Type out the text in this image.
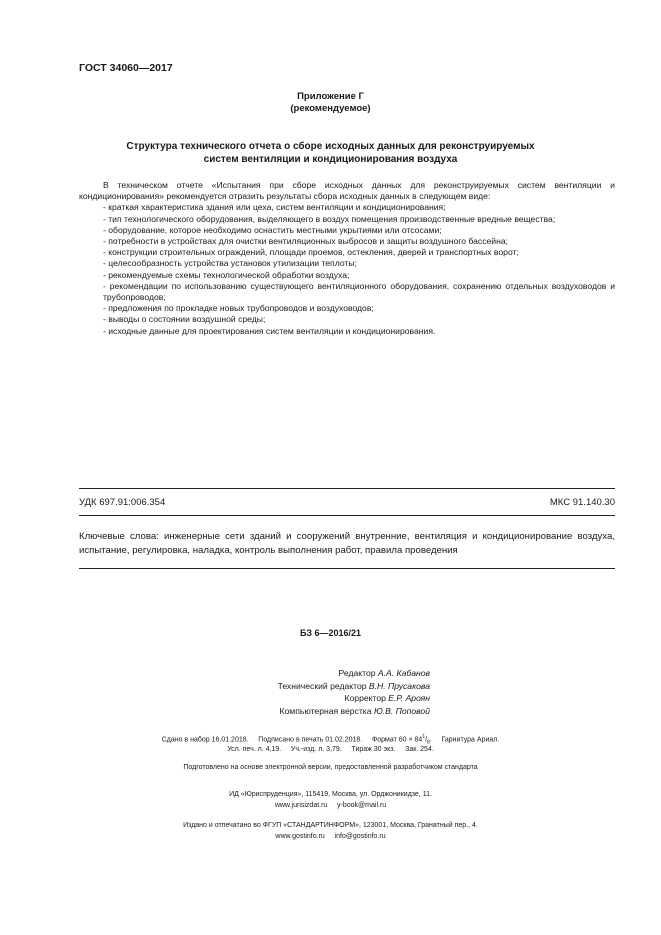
ГОСТ 34060—2017
Приложение Г
(рекомендуемое)
Структура технического отчета о сборе исходных данных для реконструируемых
систем вентиляции и кондиционирования воздуха

В техническом отчете «Испытания при сборе исходных данных для реконструируемых систем вентиляции и кондиционирования» рекомендуется отразить результаты сбора исходных данных в следующем виде:

- краткая характеристика здания или цеха, систем вентиляции и кондиционирования;

- тип технологического оборудования, выделяющего в воздух помещения производственные вредные вещества;

- оборудование, которое необходимо оснастить местными укрытиями или отсосами;

- потребности в устройствах для очистки вентиляционных выбросов и защиты воздушного бассейна;

- конструкции строительных ограждений, площади проемов, остекления, дверей и транспортных ворот;

- целесообразность устройства установок утилизации теплоты;

- рекомендуемые схемы технологической обработки воздуха;

- рекомендации по использованию существующего вентиляционного оборудования, сохранению отдельных воздуховодов и трубопроводов;

- предложения по прокладке новых трубопроводов и воздуховодов;

- выводы о состоянии воздушной среды;

- исходные данные для проектирования систем вентиляции и кондиционирования.

УДК 697.91:006.354	МКС 91.140.30
Ключевые слова: инженерные сети зданий и сооружений внутренние, вентиляция и кондиционирование воздуха, испытание, регулировка, наладка, контроль выполнения работ, правила проведения
БЗ 6—2016/21
Редактор А.А. Кабанов
Технический редактор В.Н. Прусакова
Корректор Е.Р. Ароян
Компьютерная верстка Ю.В. Поповой
Сдано в набор 16.01.2018.     Подписано в печать 01.02.2018.     Формат $60 \times 84^1/_8$.     Гарнитура Ариал.
Усл. печ. л. 4,19.     Уч.-изд. л. 3,79.     Тираж 30 экз.     Зак. 254.
Подготовлено на основе электронной версии, предоставленной разработчиком стандарта
ИД «Юриспруденция», 115419, Москва, ул. Орджоникидзе, 11.
www.jurisizdat.ru     y-book@mail.ru
Издано и отпечатано во ФГУП «СТАНДАРТИНФОРМ», 123001, Москва, Гранатный пер., 4.
www.gostinfo.ru     info@gostinfo.ru
